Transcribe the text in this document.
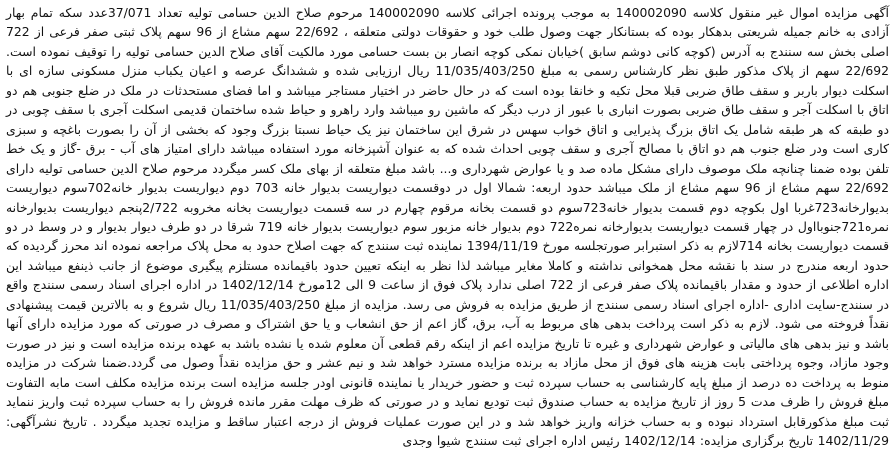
آگهی مزایده اموال غیر منقول کلاسه 140002090 به موجب پرونده اجرائی کلاسه 140002090 مرحوم صلاح الدین حسامی تولیه تعداد 37/071عدد سکه تمام بهار آزادی به خانم جمیله شریعتی بدهکار بوده که بستانکار جهت وصول طلب خود و حقوقات دولتی متعلقه ، 22/692 سهم مشاع از 96 سهم پلاک ثبتی صفر فرعی از 722 اصلی بخش سه سنندج به آدرس (کوچه کانی دوشم سابق )خیابان نمکی کوچه انصار بن بست حسامی مورد مالکیت آقای صلاح الدین حسامی تولیه را توقیف نموده است. 22/692 سهم از پلاک مذکور طبق نظر کارشناس رسمی به مبلغ 11/035/403/250 ریال ارزیابی شده و ششدانگ عرصه و اعیان یکباب منزل مسکونی سازه ای با اسکلت دیوار باربر و سقف طاق ضربی قبلا محل تکیه و خانقا بوده است که در حال حاضر در اختیار مستاجر میباشد و اما فضای مستحدثات در ملک در ضلع جنوبی هم دو اتاق با اسکلت آجر و سقف طاق ضربی بصورت انباری با عبور از درب دیگر که ماشین رو میباشد وارد راهرو و حیاط شده ساختمان قدیمی اسکلت آجری با سقف چوبی در دو طبقه که هر طبقه شامل یک اتاق بزرگ پذیرایی و اتاق خواب سهس در شرق این ساختمان نیز یک حیاط نسبتا بزرگ وجود که بخشی از آن را بصورت باغچه و سبزی کاری است ودر ضلع جنوب هم دو اتاق با مصالح آجری و سقف چوبی احداث شده که به عنوان آشپزخانه مورد استفاده میباشد دارای امتیاز های آب - برق -گاز و یک خط تلفن بوده ضمنا چنانچه ملک موصوف دارای مشکل ماده صد و یا عوارض شهرداری و... باشد مبلغ متعلقه از بهای ملک کسر میگردد مرحوم صلاح الدین حسامی تولیه دارای 22/692 سهم مشاع از 96 سهم مشاع از ملک میباشد حدود اربعه: شمالا اول در دوقسمت دیواریست بدیوار خانه 703 دوم دیواریست بدیوار خانه702سوم دیواریست بدیوارخانه723غربا اول بکوچه دوم قسمت بدیوار خانه723سوم دو قسمت بخانه مرقوم چهارم در سه قسمت دیواریست بخانه مخروبه 2/722پنجم دیواریست بدیوارخانه نمره721جنوبااول در چهار قسمت دیواریست بدیوارخانه نمره722 دوم بدیوار خانه مزبور سوم دیواریست بدیوار خانه 719 شرقا در دو طرف دیوار بدیوار و در وسط در دو قسمت دیواریست بخانه 714لازم به ذکر استبرابر صورتجلسه مورخ 1394/11/19 نماینده ثبت سنندج که جهت اصلاح حدود به محل پلاک مراجعه نموده اند محرز گردیده که حدود اربعه مندرج در سند با نقشه محل همخوانی نداشته و کاملا مغایر میباشد لذا نظر به اینکه تعیین حدود باقیمانده مستلزم پیگیری موضوع از جانب ذینفع میباشد این اداره اطلاعی از حدود و مقدار باقیمانده پلاک صفر فرعی از 722 اصلی ندارد پلاک فوق از ساعت 9 الی 12مورخ 1402/12/14 در اداره اجرای اسناد رسمی سنندج واقع در سنندج-سایت اداری -اداره اجرای اسناد رسمی سنندج از طریق مزایده به فروش می رسد. مزایده از مبلغ 11/035/403/250 ریال شروع و به بالاترین قیمت پیشنهادی نقداً فروخته می شود. لازم به ذکر است پرداخت بدهی های مربوط به آب، برق، گاز اعم از حق انشعاب و یا حق اشتراک و مصرف در صورتی که مورد مزایده دارای آنها باشد و نیز بدهی های مالیاتی و عوارض شهرداری و غیره تا تاریخ مزایده اعم از اینکه رقم قطعی آن معلوم شده یا نشده باشد به عهده برنده مزایده است و نیز در صورت وجود مازاد، وجوه پرداختی بابت هزینه های فوق از محل مازاد به برنده مزایده مسترد خواهد شد و نیم عشر و حق مزایده نقداً وصول می گردد.ضمنا شرکت در مزایده منوط به پرداخت ده درصد از مبلغ پایه کارشناسی به حساب سپرده ثبت و حضور خریدار یا نماینده قانونی اودر جلسه مزایده است برنده مزایده مکلف است مابه التفاوت مبلغ فروش را ظرف مدت 5 روز از تاریخ مزایده به حساب صندوق ثبت تودیع نماید و در صورتی که ظرف مهلت مقرر مانده فروش را به حساب سپرده ثبت واریز ننماید ثبت مبلغ مذکورقابل استرداد نبوده و به حساب خزانه واریز خواهد شد و در این صورت عملیات فروش از درجه اعتبار ساقط و مزایده تجدید میگردد . تاریخ نشرآگهی: 1402/11/29 تاریخ برگزاری مزایده: 1402/12/14 رئیس اداره اجرای ثبت سنندج شیوا وجدی
